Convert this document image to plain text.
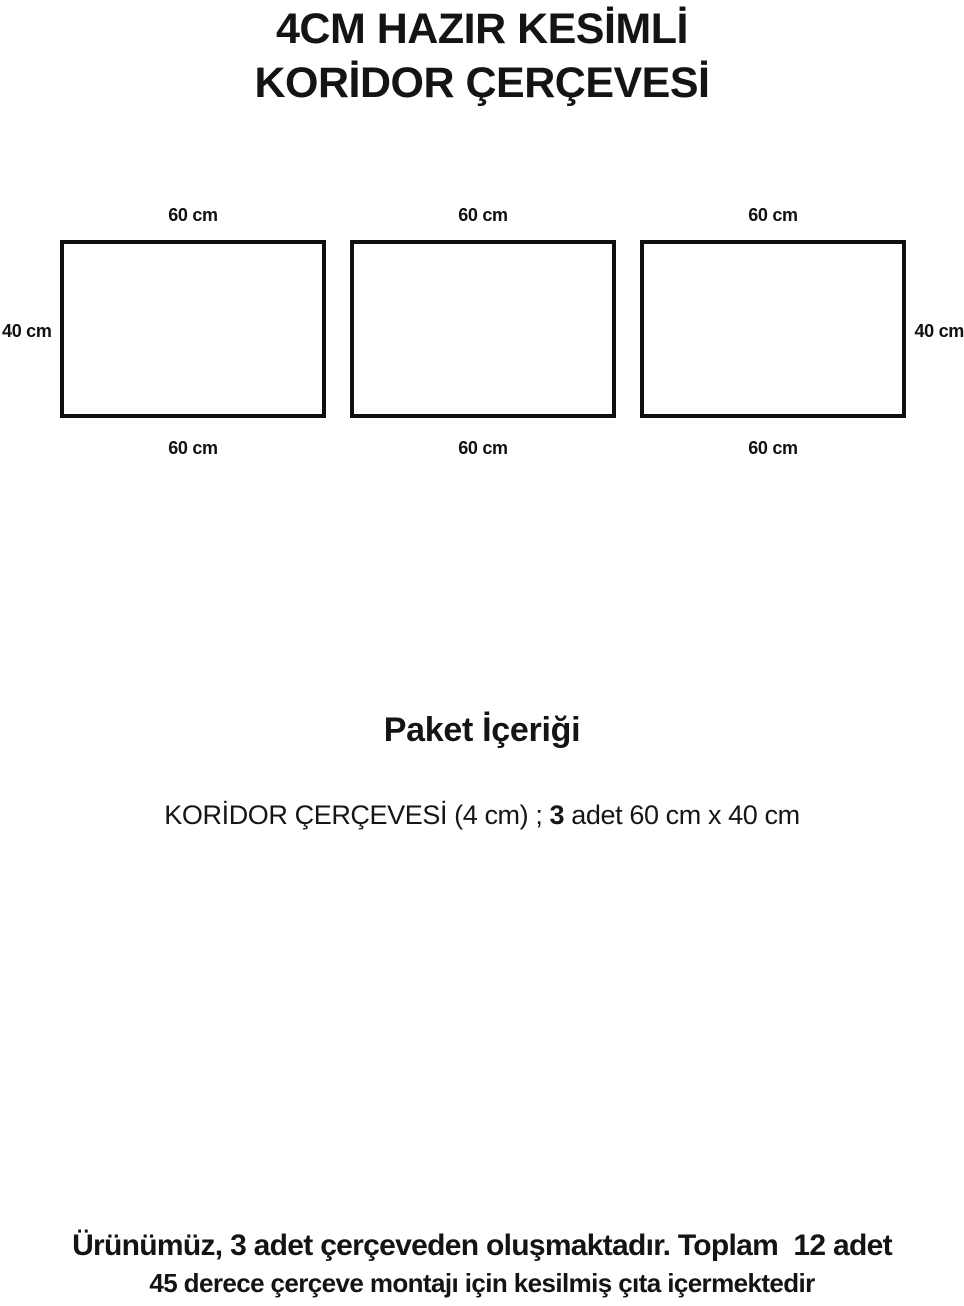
4CM HAZIR KESİMLİ
KORİDOR ÇERÇEVESİ
60 cm	60 cm	60 cm
40 cm	40 cm
60 cm	60 cm	60 cm
Paket İçeriği

KORİDOR ÇERÇEVESİ (4 cm) ; 3 adet 60 cm x 40 cm

Ürünümüz, 3 adet çerçeveden oluşmaktadır. Toplam  12 adet

45 derece çerçeve montajı için kesilmiş çıta içermektedir
